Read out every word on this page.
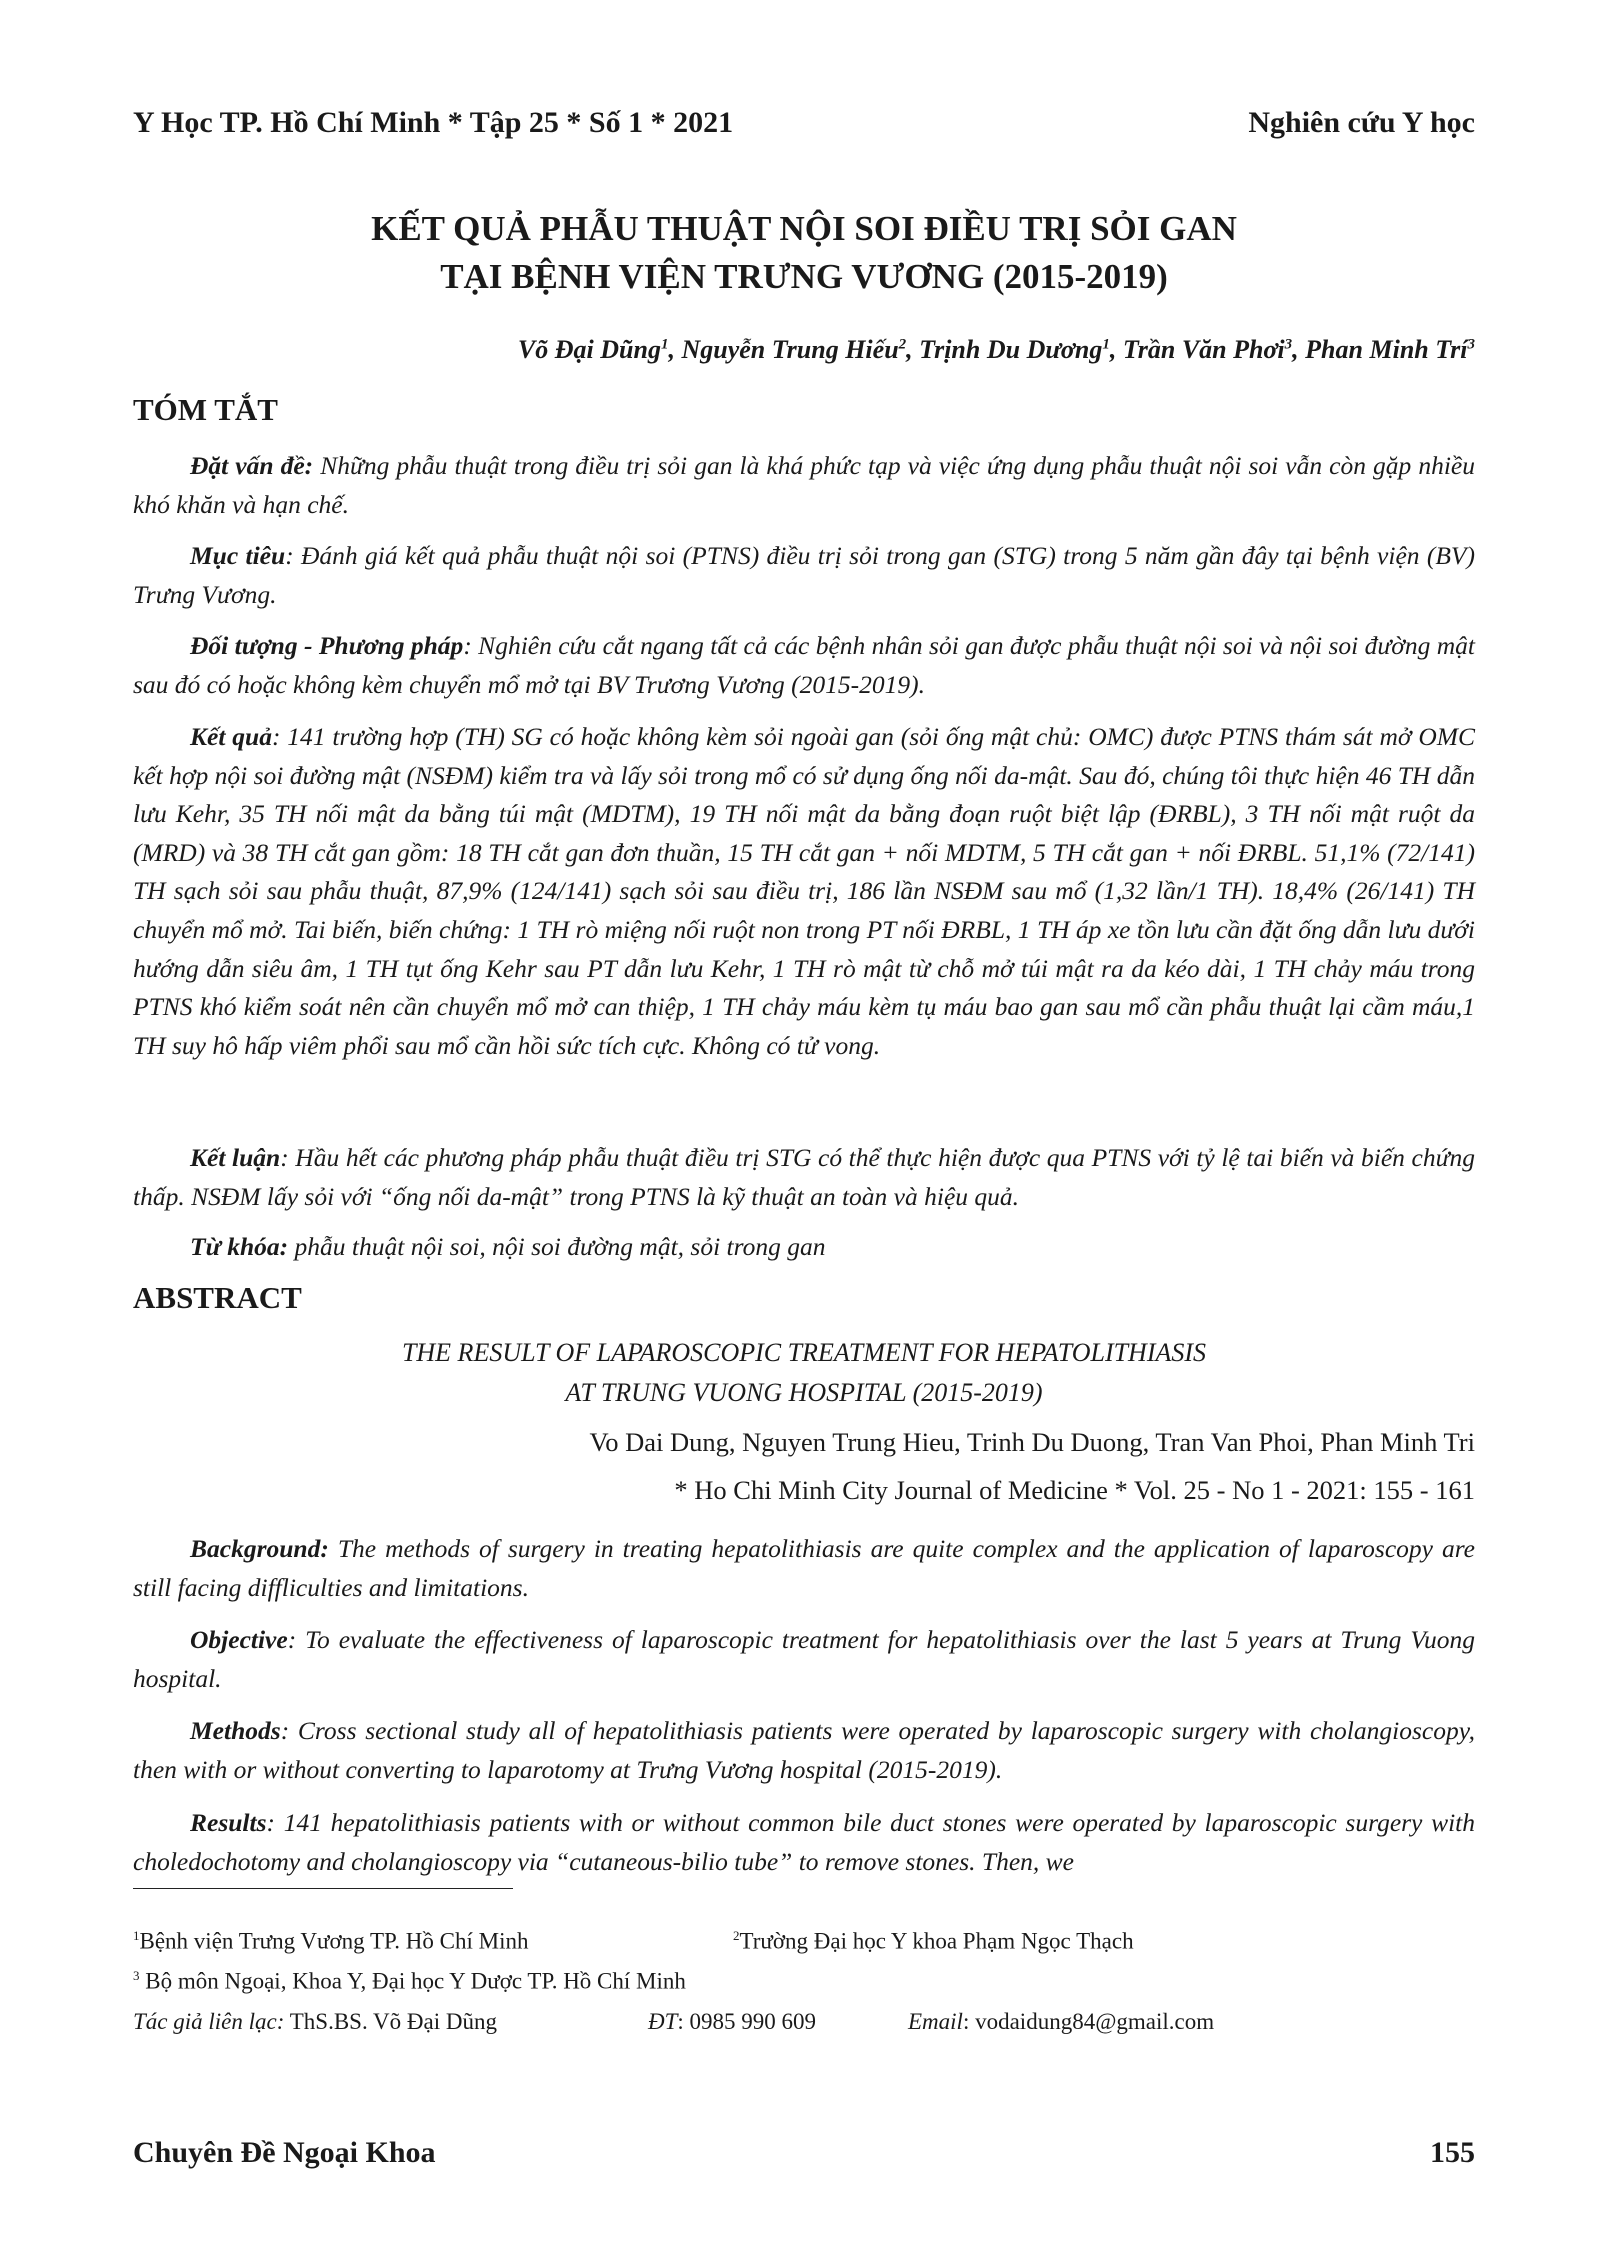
Y Học TP. Hồ Chí Minh * Tập 25 * Số 1 * 2021	Nghiên cứu Y học
KẾT QUẢ PHẪU THUẬT NỘI SOI ĐIỀU TRỊ SỎI GAN
TẠI BỆNH VIỆN TRƯNG VƯƠNG (2015-2019)
Võ Đại Dũng$^1$, Nguyễn Trung Hiếu$^2$, Trịnh Du Dương$^1$, Trần Văn Phơi$^3$, Phan Minh Trí$^3$
TÓM TẮT
Đặt vấn đề: Những phẫu thuật trong điều trị sỏi gan là khá phức tạp và việc ứng dụng phẫu thuật nội soi vẫn còn gặp nhiều khó khăn và hạn chế.
Mục tiêu: Đánh giá kết quả phẫu thuật nội soi (PTNS) điều trị sỏi trong gan (STG) trong 5 năm gần đây tại bệnh viện (BV) Trưng Vương.
Đối tượng - Phương pháp: Nghiên cứu cắt ngang tất cả các bệnh nhân sỏi gan được phẫu thuật nội soi và nội soi đường mật sau đó có hoặc không kèm chuyển mổ mở tại BV Trương Vương (2015-2019).
Kết quả: 141 trường hợp (TH) SG có hoặc không kèm sỏi ngoài gan (sỏi ống mật chủ: OMC) được PTNS thám sát mở OMC kết hợp nội soi đường mật (NSĐM) kiểm tra và lấy sỏi trong mổ có sử dụng ống nối da-mật. Sau đó, chúng tôi thực hiện 46 TH dẫn lưu Kehr, 35 TH nối mật da bằng túi mật (MDTM), 19 TH nối mật da bằng đoạn ruột biệt lập (ĐRBL), 3 TH nối mật ruột da (MRD) và 38 TH cắt gan gồm: 18 TH cắt gan đơn thuần, 15 TH cắt gan + nối MDTM, 5 TH cắt gan + nối ĐRBL. 51,1% (72/141) TH sạch sỏi sau phẫu thuật, 87,9% (124/141) sạch sỏi sau điều trị, 186 lần NSĐM sau mổ (1,32 lần/1 TH). 18,4% (26/141) TH chuyển mổ mở. Tai biến, biến chứng: 1 TH rò miệng nối ruột non trong PT nối ĐRBL, 1 TH áp xe tồn lưu cần đặt ống dẫn lưu dưới hướng dẫn siêu âm, 1 TH tụt ống Kehr sau PT dẫn lưu Kehr, 1 TH rò mật từ chỗ mở túi mật ra da kéo dài, 1 TH chảy máu trong PTNS khó kiểm soát nên cần chuyển mổ mở can thiệp, 1 TH chảy máu kèm tụ máu bao gan sau mổ cần phẫu thuật lại cầm máu,1 TH suy hô hấp viêm phổi sau mổ cần hồi sức tích cực. Không có tử vong.
Kết luận: Hầu hết các phương pháp phẫu thuật điều trị STG có thể thực hiện được qua PTNS với tỷ lệ tai biến và biến chứng thấp. NSĐM lấy sỏi với “ống nối da-mật” trong PTNS là kỹ thuật an toàn và hiệu quả.
Từ khóa: phẫu thuật nội soi, nội soi đường mật, sỏi trong gan
ABSTRACT
THE RESULT OF LAPAROSCOPIC TREATMENT FOR HEPATOLITHIASIS
AT TRUNG VUONG HOSPITAL (2015-2019)
Vo Dai Dung, Nguyen Trung Hieu, Trinh Du Duong, Tran Van Phoi, Phan Minh Tri
* Ho Chi Minh City Journal of Medicine * Vol. 25 - No 1 - 2021: 155 - 161
Background: The methods of surgery in treating hepatolithiasis are quite complex and the application of laparoscopy are still facing diffliculties and limitations.
Objective: To evaluate the effectiveness of laparoscopic treatment for hepatolithiasis over the last 5 years at Trung Vuong hospital.
Methods: Cross sectional study all of hepatolithiasis patients were operated by laparoscopic surgery with cholangioscopy, then with or without converting to laparotomy at Trưng Vương hospital (2015-2019).
Results: 141 hepatolithiasis patients with or without common bile duct stones were operated by laparoscopic surgery with choledochotomy and cholangioscopy via “cutaneous-bilio tube” to remove stones. Then, we
$^1$Bệnh viện Trưng Vương TP. Hồ Chí Minh	$^2$Trường Đại học Y khoa Phạm Ngọc Thạch
$^3$ Bộ môn Ngoại, Khoa Y, Đại học Y Dược TP. Hồ Chí Minh
Tác giả liên lạc: ThS.BS. Võ Đại Dũng	ĐT: 0985 990 609	Email: vodaidung84@gmail.com
Chuyên Đề Ngoại Khoa	155
